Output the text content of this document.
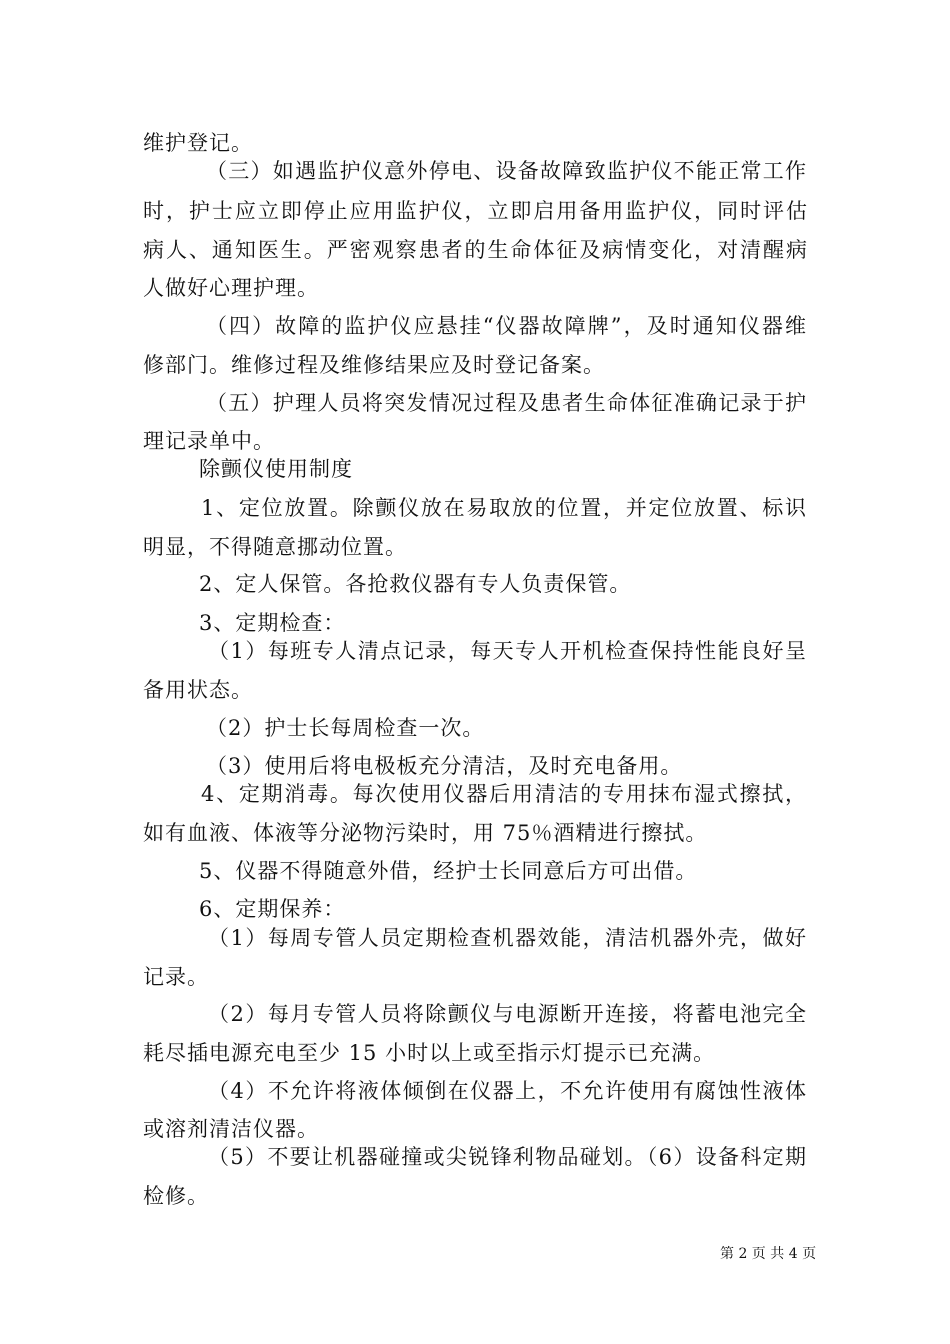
维护登记。

（三）如遇监护仪意外停电、设备故障致监护仪不能正常工作

时，护士应立即停止应用监护仪，立即启用备用监护仪，同时评估

病人、通知医生。严密观察患者的生命体征及病情变化，对清醒病

人做好心理护理。

（四）故障的监护仪应悬挂“仪器故障牌”，及时通知仪器维

修部门。维修过程及维修结果应及时登记备案。

（五）护理人员将突发情况过程及患者生命体征准确记录于护

理记录单中。

除颤仪使用制度

1、定位放置。除颤仪放在易取放的位置，并定位放置、标识

明显，不得随意挪动位置。

2、定人保管。各抢救仪器有专人负责保管。

3、定期检查：

（1）每班专人清点记录，每天专人开机检查保持性能良好呈

备用状态。

（2）护士长每周检查一次。

（3）使用后将电极板充分清洁，及时充电备用。

4、定期消毒。每次使用仪器后用清洁的专用抹布湿式擦拭，

如有血液、体液等分泌物污染时，用 75％酒精进行擦拭。

5、仪器不得随意外借，经护士长同意后方可出借。

6、定期保养：

（1）每周专管人员定期检查机器效能，清洁机器外壳，做好

记录。

（2）每月专管人员将除颤仪与电源断开连接，将蓄电池完全

耗尽插电源充电至少 15 小时以上或至指示灯提示已充满。

（4）不允许将液体倾倒在仪器上，不允许使用有腐蚀性液体

或溶剂清洁仪器。

（5）不要让机器碰撞或尖锐锋利物品碰划。（6）设备科定期

检修。

第 2 页 共 4 页
